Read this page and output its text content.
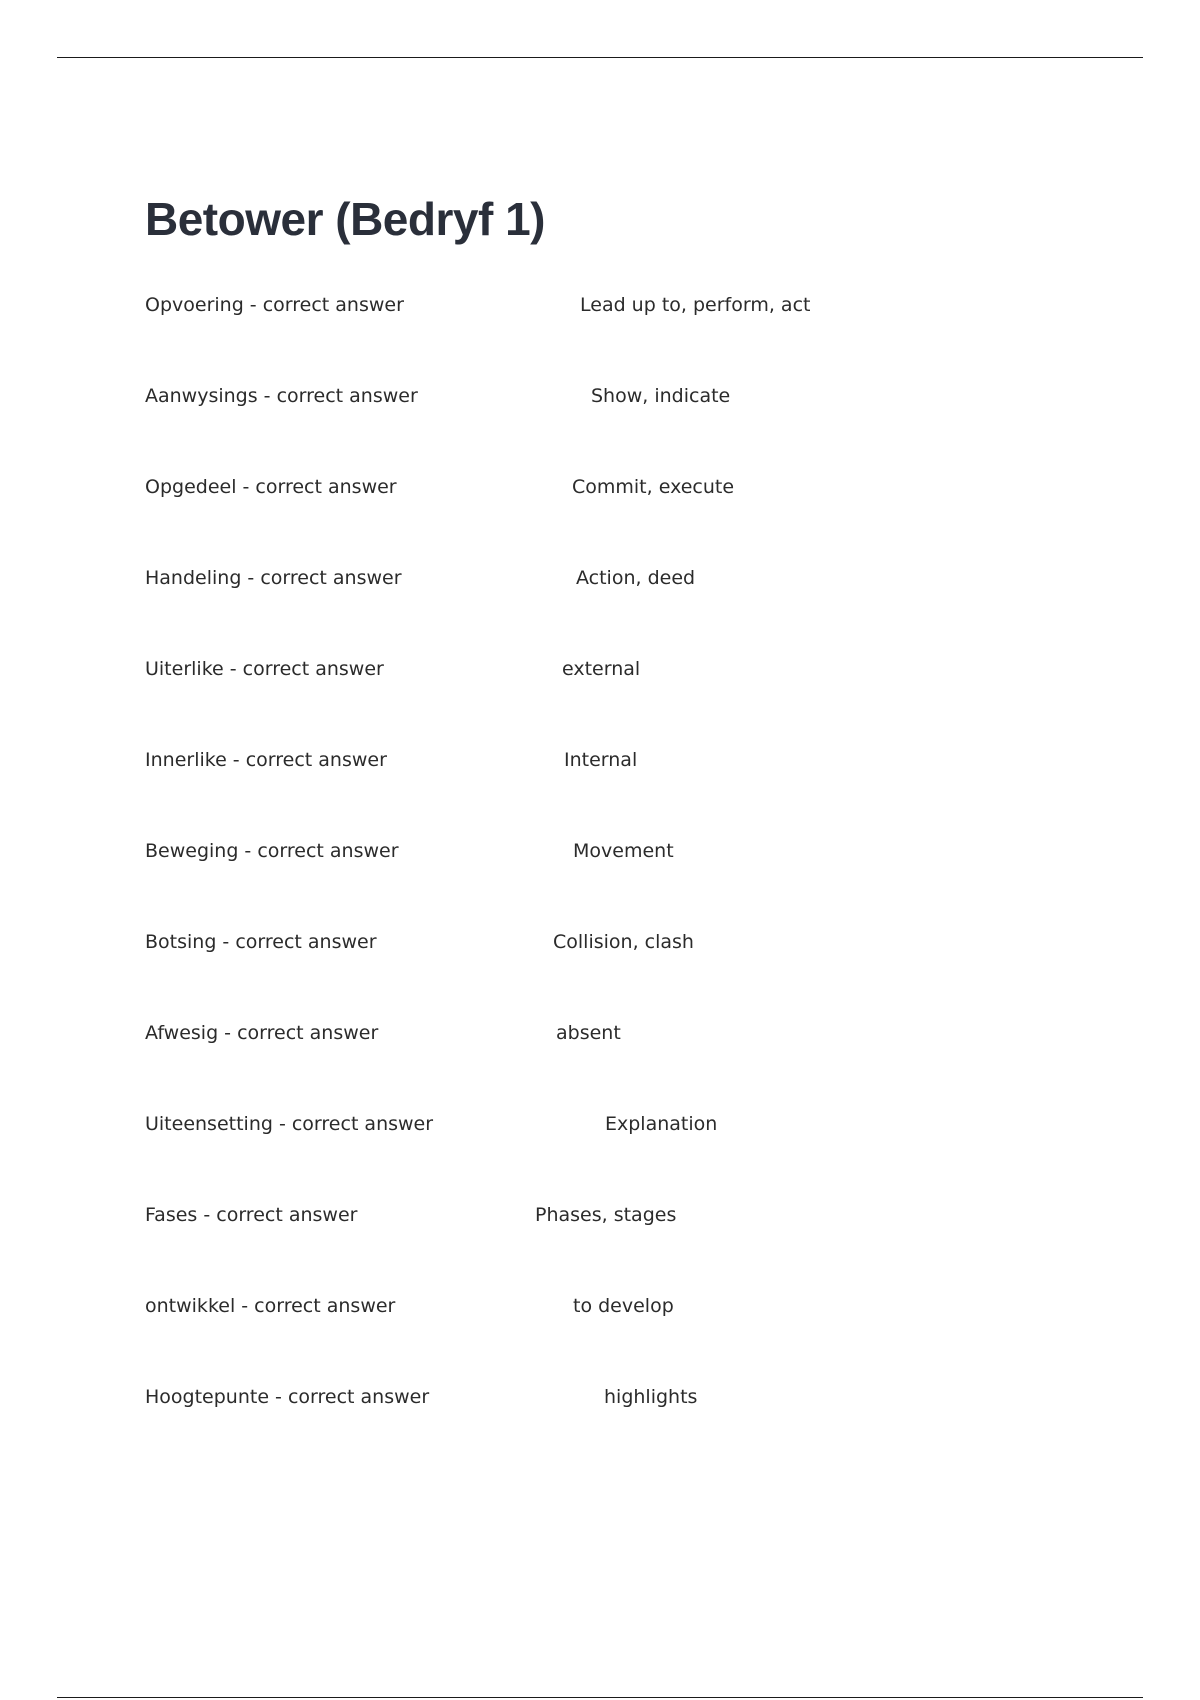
Betower (Bedryf 1)
Opvoering - correct answer	Lead up to, perform, act
Aanwysings - correct answer	Show, indicate
Opgedeel - correct answer	Commit, execute
Handeling - correct answer	Action, deed
Uiterlike - correct answer	external
Innerlike - correct answer	Internal
Beweging - correct answer	Movement
Botsing - correct answer	Collision, clash
Afwesig - correct answer	absent
Uiteensetting - correct answer	Explanation
Fases - correct answer	Phases, stages
ontwikkel - correct answer	to develop
Hoogtepunte - correct answer	highlights
